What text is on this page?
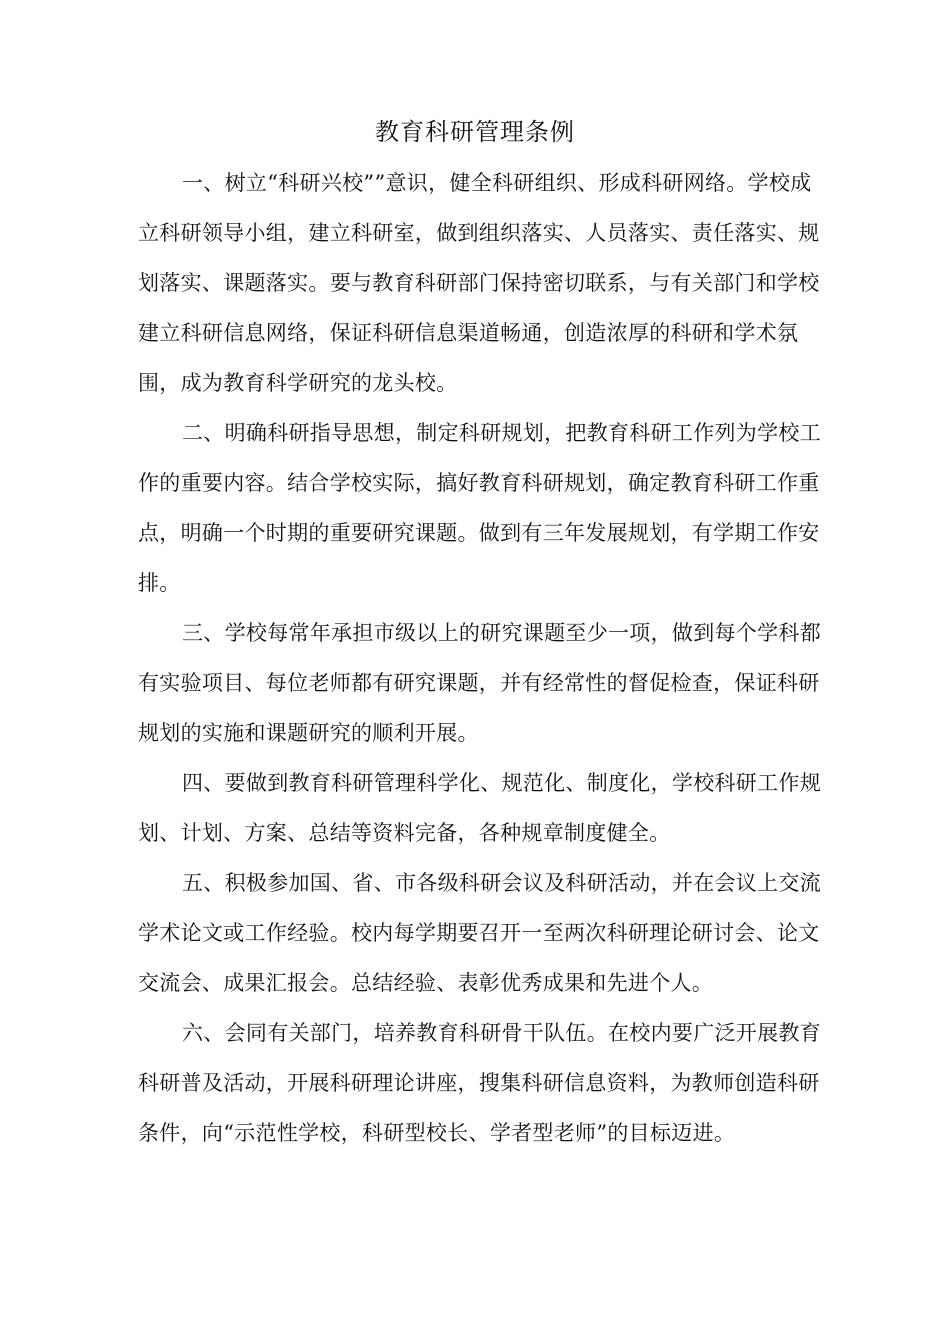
教育科研管理条例

一、树立“科研兴校””意识，健全科研组织、形成科研网络。学校成立科研领导小组，建立科研室，做到组织落实、人员落实、责任落实、规划落实、课题落实。要与教育科研部门保持密切联系，与有关部门和学校建立科研信息网络，保证科研信息渠道畅通，创造浓厚的科研和学术氛围，成为教育科学研究的龙头校。

二、明确科研指导思想，制定科研规划，把教育科研工作列为学校工作的重要内容。结合学校实际，搞好教育科研规划，确定教育科研工作重点，明确一个时期的重要研究课题。做到有三年发展规划，有学期工作安排。

三、学校每常年承担市级以上的研究课题至少一项，做到每个学科都有实验项目、每位老师都有研究课题，并有经常性的督促检查，保证科研规划的实施和课题研究的顺利开展。

四、要做到教育科研管理科学化、规范化、制度化，学校科研工作规划、计划、方案、总结等资料完备，各种规章制度健全。

五、积极参加国、省、市各级科研会议及科研活动，并在会议上交流学术论文或工作经验。校内每学期要召开一至两次科研理论研讨会、论文交流会、成果汇报会。总结经验、表彰优秀成果和先进个人。

六、会同有关部门，培养教育科研骨干队伍。在校内要广泛开展教育科研普及活动，开展科研理论讲座，搜集科研信息资料，为教师创造科研条件，向“示范性学校，科研型校长、学者型老师”的目标迈进。
